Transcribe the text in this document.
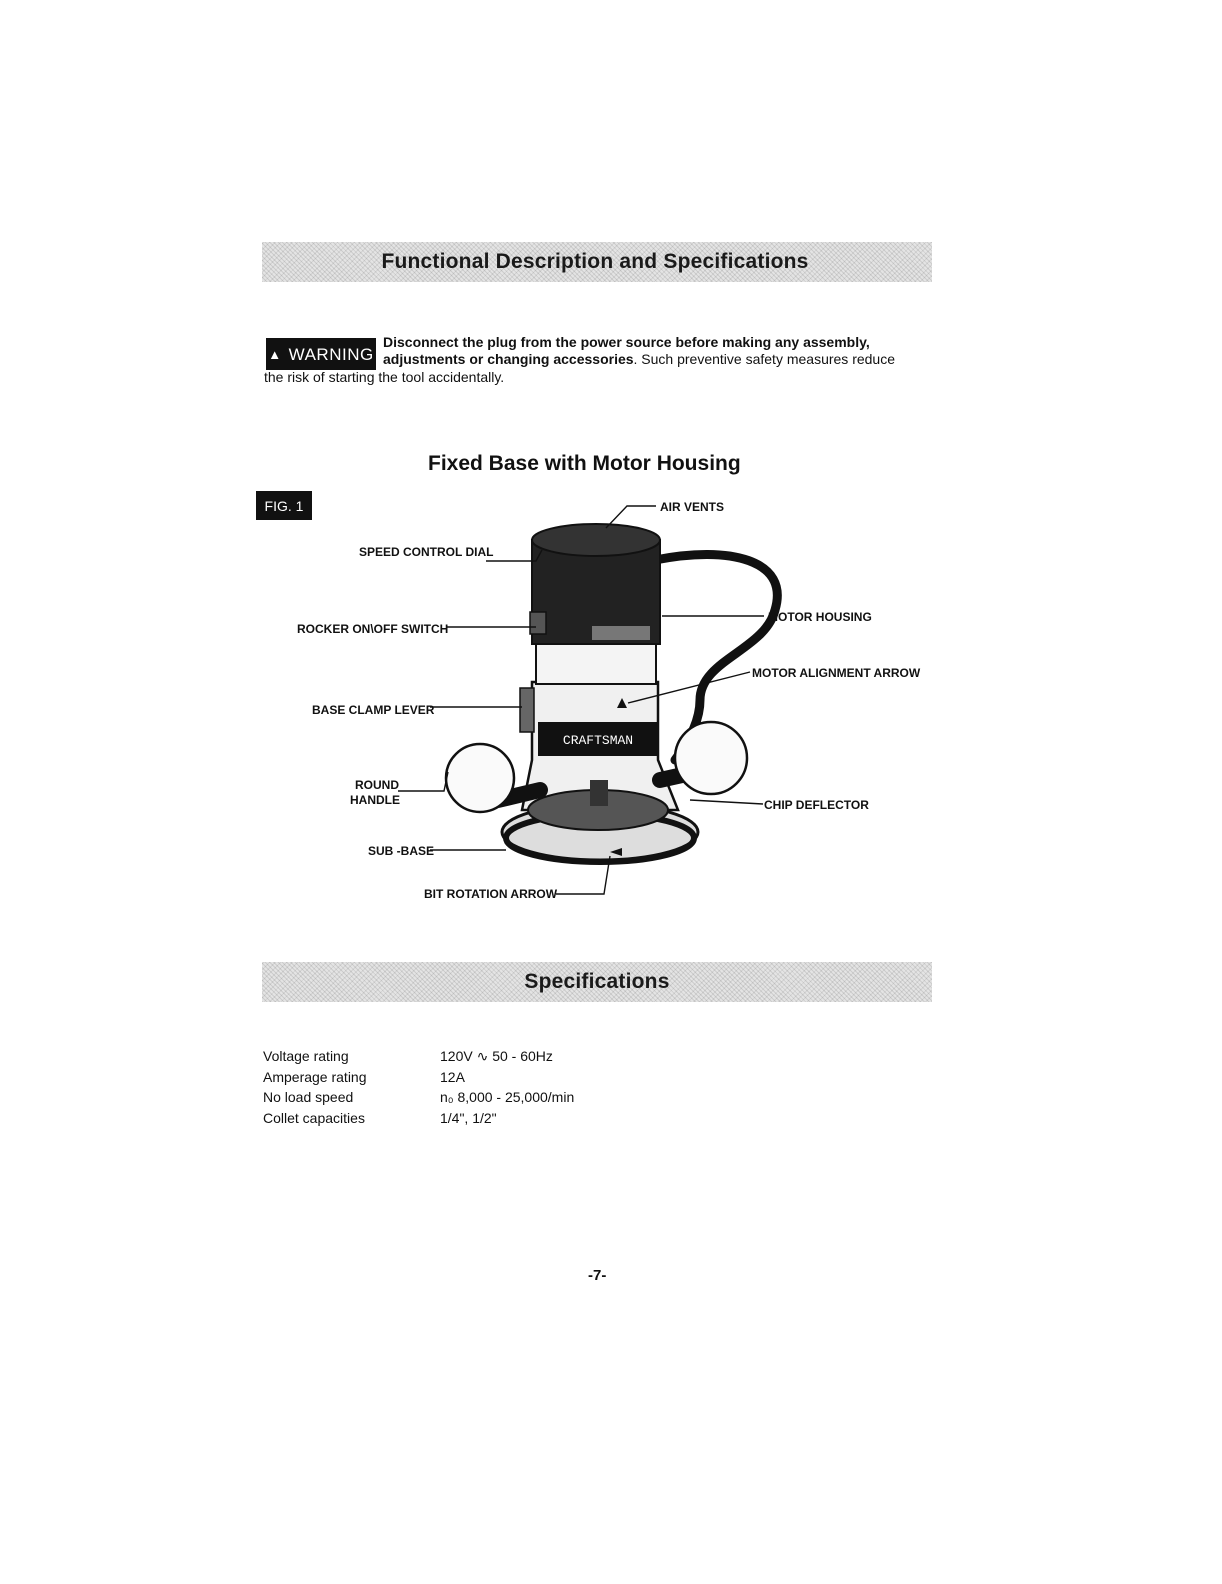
Functional Description and Specifications
▲ WARNING
Disconnect the plug from the power source before making any assembly,
adjustments or changing accessories. Such preventive safety measures reduce
the risk of starting the tool accidentally.
Fixed Base with Motor Housing
FIG. 1
CRAFTSMAN
AIR VENTS
SPEED CONTROL DIAL
ROCKER ON\OFF SWITCH
MOTOR HOUSING
MOTOR ALIGNMENT ARROW
BASE CLAMP LEVER
ROUND
HANDLE	CHIP DEFLECTOR
SUB -BASE
BIT ROTATION ARROW
Specifications
Voltage rating	120V ∿ 50 - 60Hz
Amperage rating	12A
No load speed	n₀ 8,000 - 25,000/min
Collet capacities	1/4", 1/2"
-7-
